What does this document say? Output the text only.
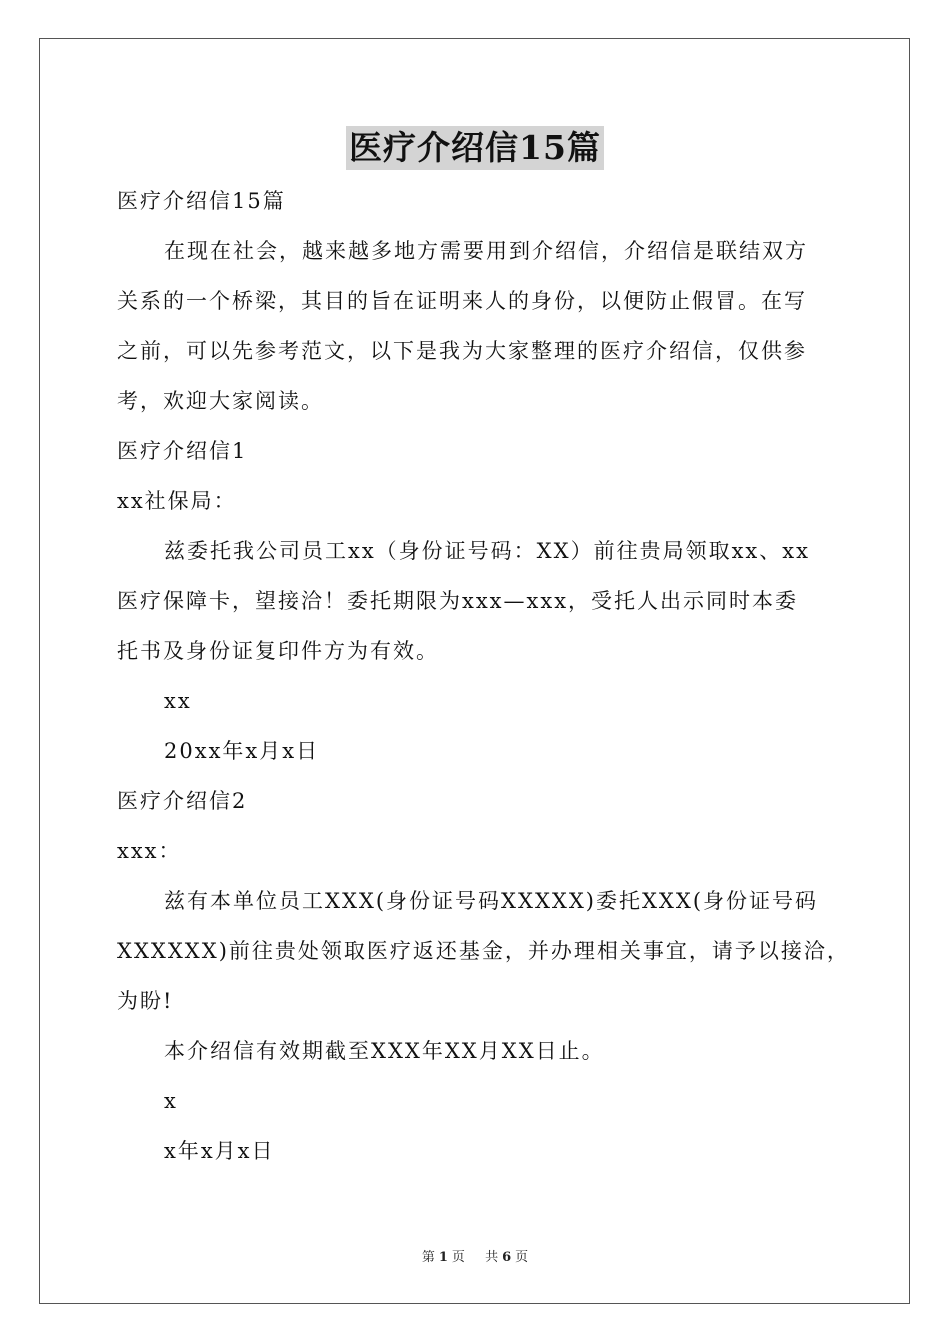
医疗介绍信15篇
医疗介绍信15篇
在现在社会，越来越多地方需要用到介绍信，介绍信是联结双方
关系的一个桥梁，其目的旨在证明来人的身份，以便防止假冒。在写
之前，可以先参考范文，以下是我为大家整理的医疗介绍信，仅供参
考，欢迎大家阅读。
医疗介绍信1
xx社保局：
兹委托我公司员工xx（身份证号码：XX）前往贵局领取xx、xx
医疗保障卡，望接洽！委托期限为xxx—xxx，受托人出示同时本委
托书及身份证复印件方为有效。
xx
20xx年x月x日
医疗介绍信2
xxx：
兹有本单位员工XXX(身份证号码XXXXX)委托XXX(身份证号码
XXXXXX)前往贵处领取医疗返还基金，并办理相关事宜，请予以接洽，
为盼!
本介绍信有效期截至XXX年XX月XX日止。
x
x年x月x日
第 1 页 共 6 页
